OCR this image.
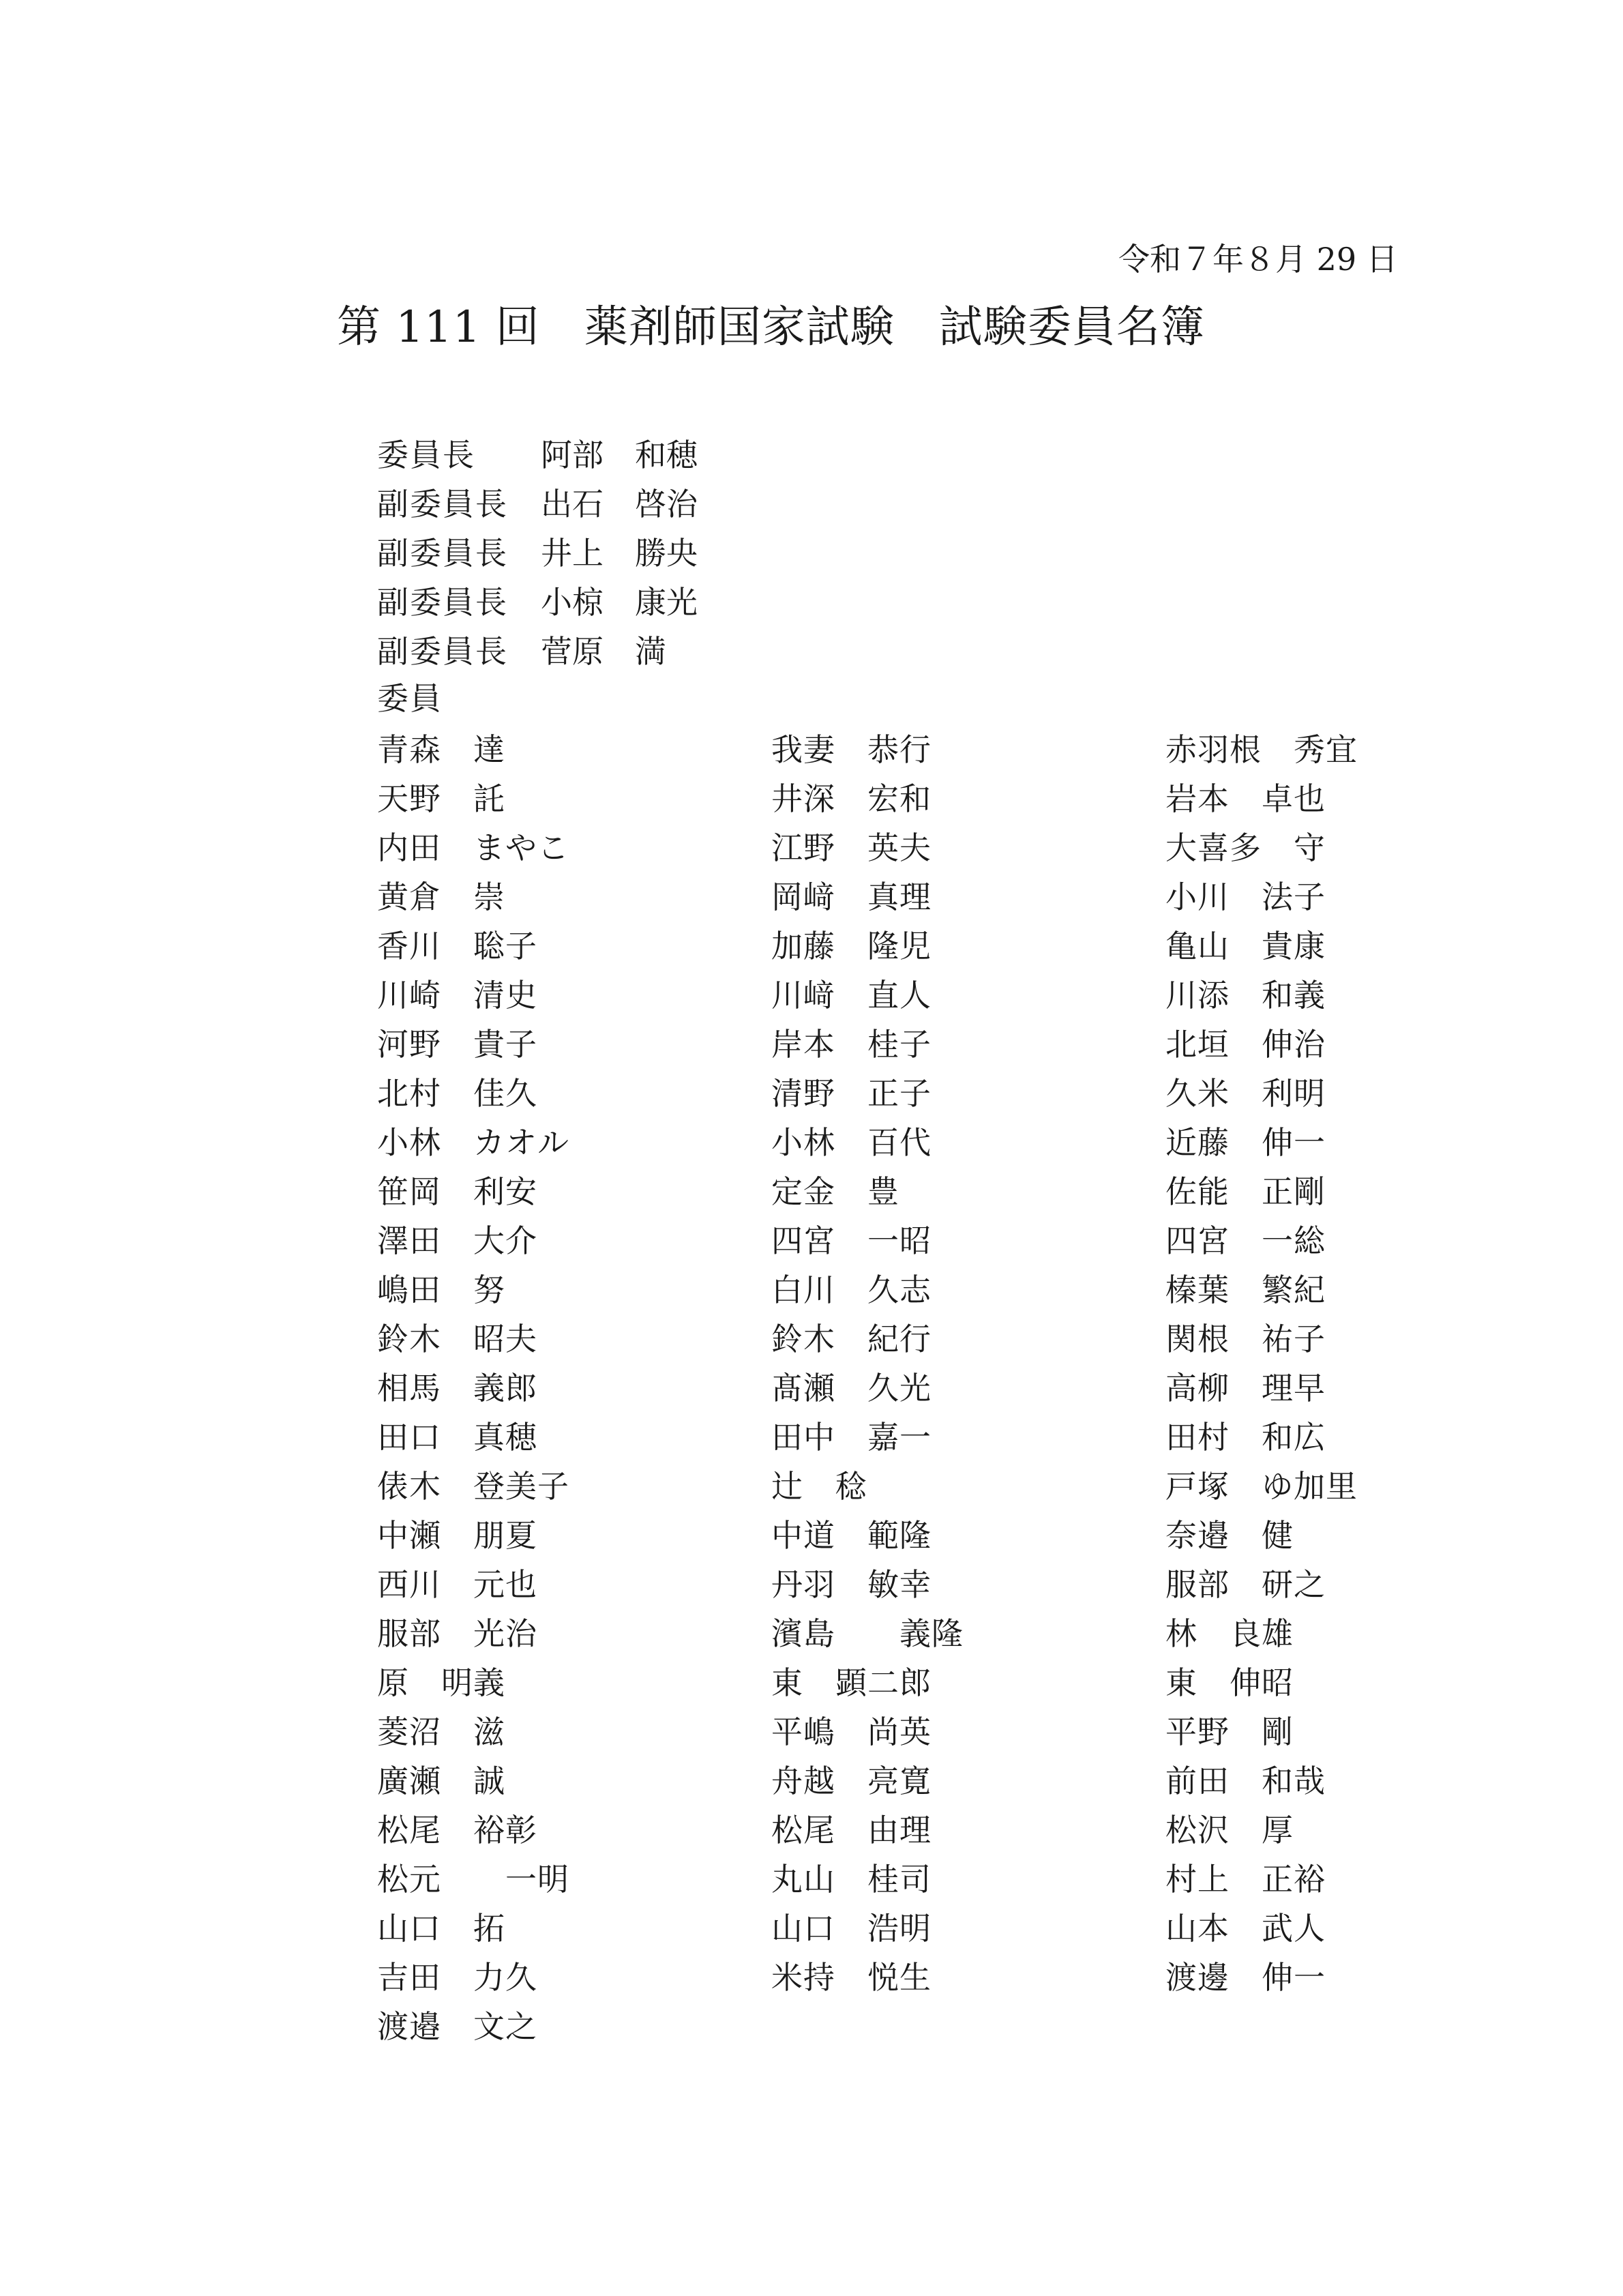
令和７年８月 29 日
第 111 回　薬剤師国家試験　試験委員名簿
委員長	阿部　和穂
副委員長	出石　啓治
副委員長	井上　勝央
副委員長	小椋　康光
副委員長	菅原　満
委員
青森　達	我妻　恭行	赤羽根　秀宜
天野　託	井深　宏和	岩本　卓也
内田　まやこ	江野　英夫	大喜多　守
黄倉　崇	岡﨑　真理	小川　法子
香川　聡子	加藤　隆児	亀山　貴康
川崎　清史	川﨑　直人	川添　和義
河野　貴子	岸本　桂子	北垣　伸治
北村　佳久	清野　正子	久米　利明
小林　カオル	小林　百代	近藤　伸一
笹岡　利安	定金　豊	佐能　正剛
澤田　大介	四宮　一昭	四宮　一総
嶋田　努	白川　久志	榛葉　繁紀
鈴木　昭夫	鈴木　紀行	関根　祐子
相馬　義郎	髙瀬　久光	高柳　理早
田口　真穂	田中　嘉一	田村　和広
俵木　登美子	辻　稔	戸塚　ゆ加里
中瀬　朋夏	中道　範隆	奈邉　健
西川　元也	丹羽　敏幸	服部　研之
服部　光治	濱島　　義隆	林　良雄
原　明義	東　顕二郎	東　伸昭
菱沼　滋	平嶋　尚英	平野　剛
廣瀬　誠	舟越　亮寛	前田　和哉
松尾　裕彰	松尾　由理	松沢　厚
松元　　一明	丸山　桂司	村上　正裕
山口　拓	山口　浩明	山本　武人
吉田　力久	米持　悦生	渡邊　伸一
渡邉　文之
